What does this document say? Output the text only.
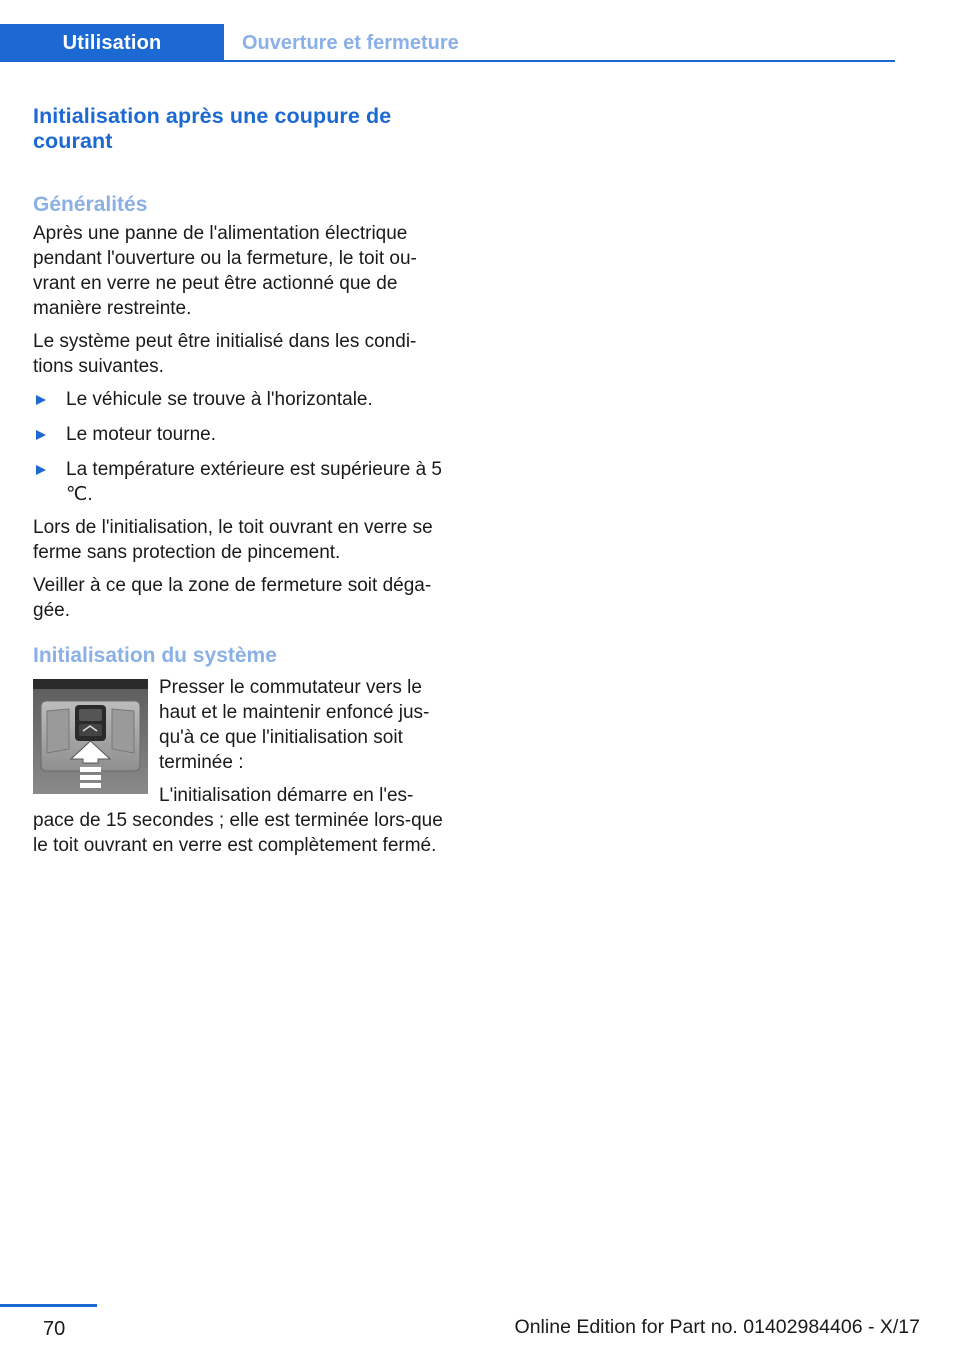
Utilisation	Ouverture et fermeture
Initialisation après une coupure de courant
Généralités

Après une panne de l'alimentation électrique pendant l'ouverture ou la fermeture, le toit ou-vrant en verre ne peut être actionné que de manière restreinte.

Le système peut être initialisé dans les condi-tions suivantes.

Le véhicule se trouve à l'horizontale.
Le moteur tourne.
La température extérieure est supérieure à 5 ℃.

Lors de l'initialisation, le toit ouvrant en verre se ferme sans protection de pincement.

Veiller à ce que la zone de fermeture soit déga-gée.

Initialisation du système

Presser le commutateur vers le haut et le maintenir enfoncé jus-qu'à ce que l'initialisation soit terminée :

L'initialisation démarre en l'es-pace de 15 secondes ; elle est terminée lors-que le toit ouvrant en verre est complètement fermé.

70	Online Edition for Part no. 01402984406 - X/17
